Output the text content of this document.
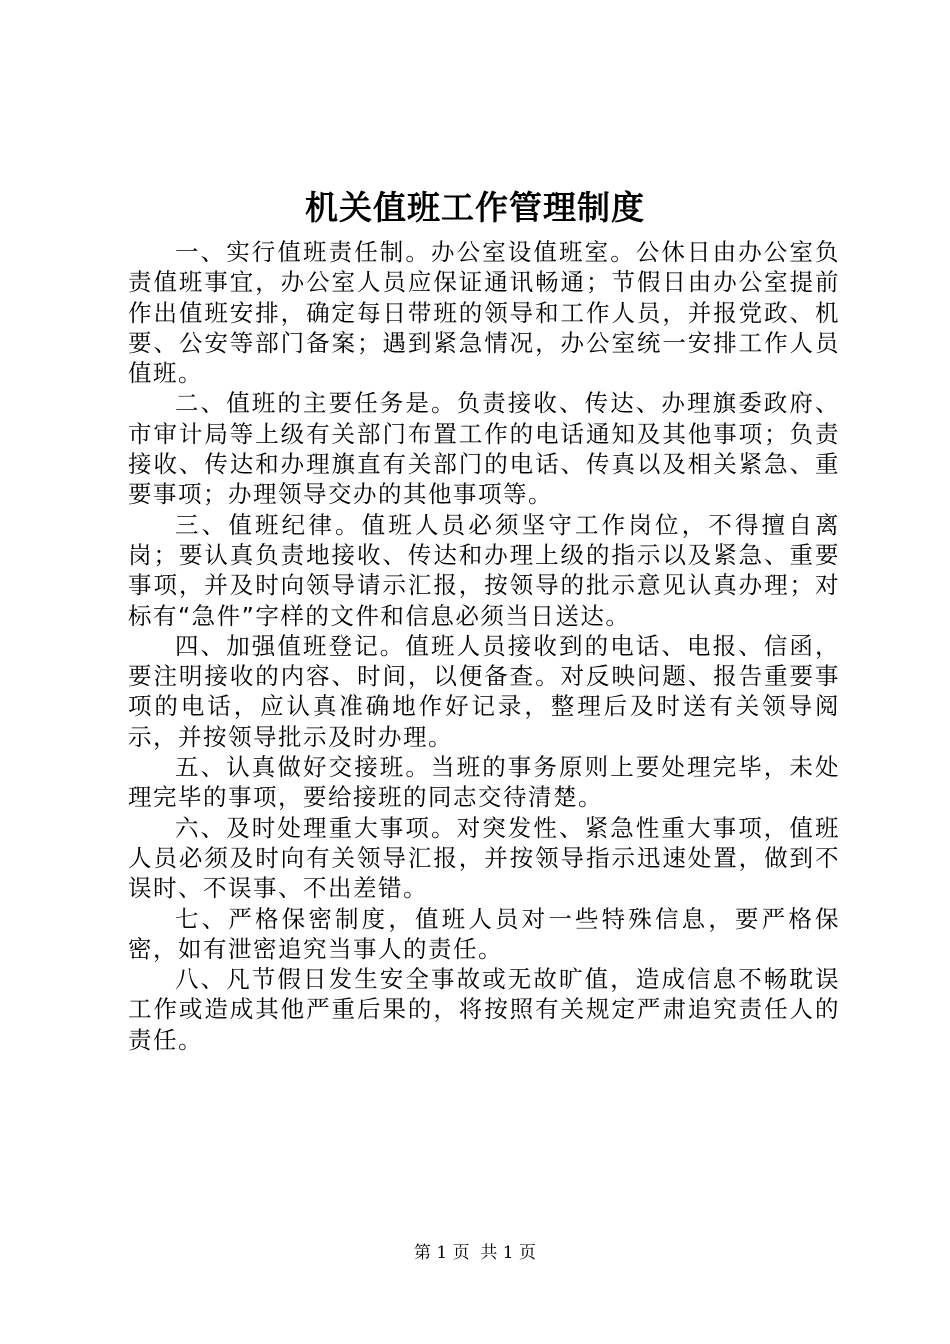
机关值班工作管理制度

一、实行值班责任制。办公室设值班室。公休日由办公室负责值班事宜，办公室人员应保证通讯畅通；节假日由办公室提前作出值班安排，确定每日带班的领导和工作人员，并报党政、机要、公安等部门备案；遇到紧急情况，办公室统一安排工作人员值班。

二、值班的主要任务是。负责接收、传达、办理旗委政府、市审计局等上级有关部门布置工作的电话通知及其他事项；负责接收、传达和办理旗直有关部门的电话、传真以及相关紧急、重要事项；办理领导交办的其他事项等。

三、值班纪律。值班人员必须坚守工作岗位，不得擅自离岗；要认真负责地接收、传达和办理上级的指示以及紧急、重要事项，并及时向领导请示汇报，按领导的批示意见认真办理；对标有“急件”字样的文件和信息必须当日送达。

四、加强值班登记。值班人员接收到的电话、电报、信函，要注明接收的内容、时间，以便备查。对反映问题、报告重要事项的电话，应认真准确地作好记录，整理后及时送有关领导阅示，并按领导批示及时办理。

五、认真做好交接班。当班的事务原则上要处理完毕，未处理完毕的事项，要给接班的同志交待清楚。

六、及时处理重大事项。对突发性、紧急性重大事项，值班人员必须及时向有关领导汇报，并按领导指示迅速处置，做到不误时、不误事、不出差错。

七、严格保密制度，值班人员对一些特殊信息，要严格保密，如有泄密追究当事人的责任。

八、凡节假日发生安全事故或无故旷值，造成信息不畅耽误工作或造成其他严重后果的，将按照有关规定严肃追究责任人的责任。

第 1 页 共 1 页
